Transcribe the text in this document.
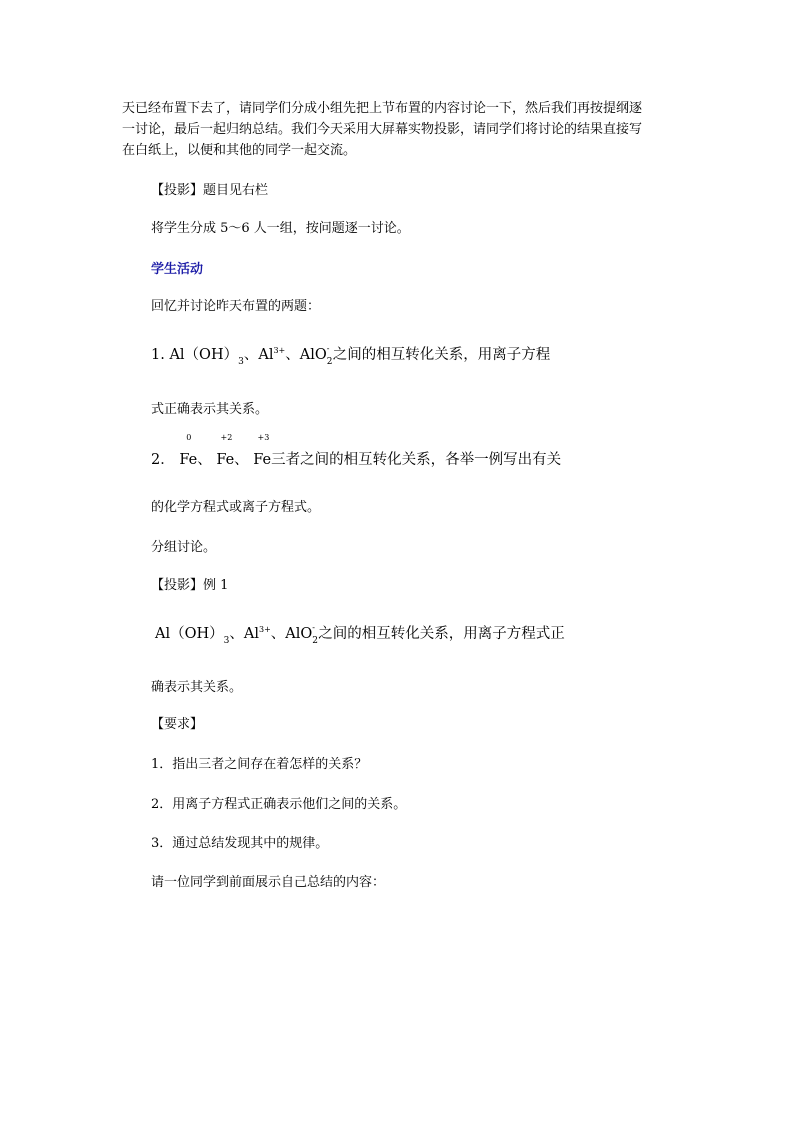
天已经布置下去了，请同学们分成小组先把上节布置的内容讨论一下，然后我们再按提纲逐
一讨论，最后一起归纳总结。我们今天采用大屏幕实物投影，请同学们将讨论的结果直接写
在白纸上，以便和其他的同学一起交流。
【投影】题目见右栏
将学生分成 5～6 人一组，按问题逐一讨论。
学生活动
回忆并讨论昨天布置的两题：
1. $Al(OH)_3$、$Al^{3+}$、AlO -
$_2$之间的相互转化关系，用离子方程
式正确表示其关系。
2．
0
Fe、
+2
Fe、
+3
Fe三者之间的相互转化关系，各举一例写出有关
的化学方程式或离子方程式。
分组讨论。
【投影】例 1
$Al(OH)_3$、$Al^{3+}$、AlO -
$_2$之间的相互转化关系，用离子方程式正
确表示其关系。
【要求】
1．指出三者之间存在着怎样的关系？
2．用离子方程式正确表示他们之间的关系。
3．通过总结发现其中的规律。
请一位同学到前面展示自己总结的内容：
